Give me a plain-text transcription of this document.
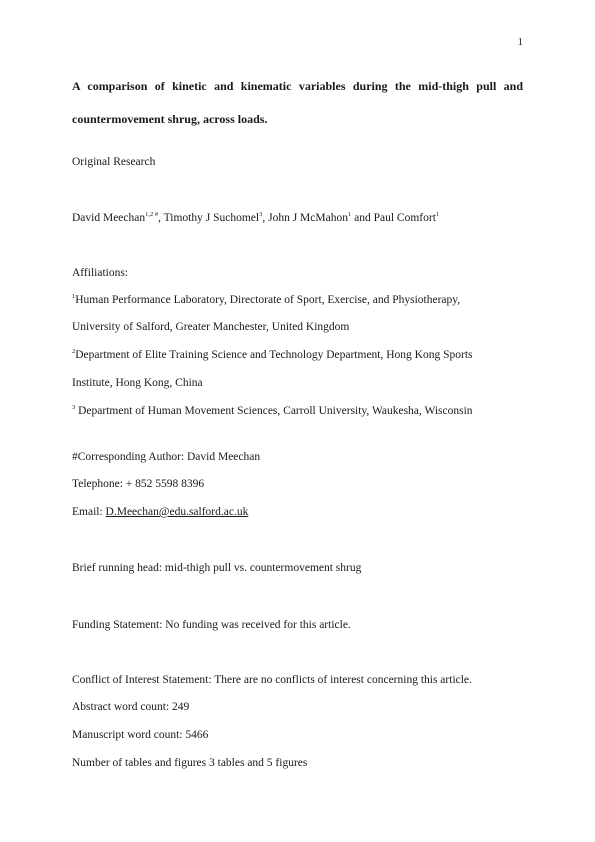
1
A comparison of kinetic and kinematic variables during the mid-thigh pull and countermovement shrug, across loads.
Original Research
David Meechan$^{1,2 \#}$, Timothy J Suchomel$^3$, John J McMahon$^1$ and Paul Comfort$^1$
Affiliations:
$^1$Human Performance Laboratory, Directorate of Sport, Exercise, and Physiotherapy,
University of Salford, Greater Manchester, United Kingdom
$^2$Department of Elite Training Science and Technology Department, Hong Kong Sports
Institute, Hong Kong, China
$^3$ Department of Human Movement Sciences, Carroll University, Waukesha, Wisconsin
#Corresponding Author: David Meechan
Telephone: + 852 5598 8396
Email: D.Meechan@edu.salford.ac.uk
Brief running head: mid-thigh pull vs. countermovement shrug
Funding Statement: No funding was received for this article.
Conflict of Interest Statement: There are no conflicts of interest concerning this article.
Abstract word count: 249
Manuscript word count: 5466
Number of tables and figures 3 tables and 5 figures
